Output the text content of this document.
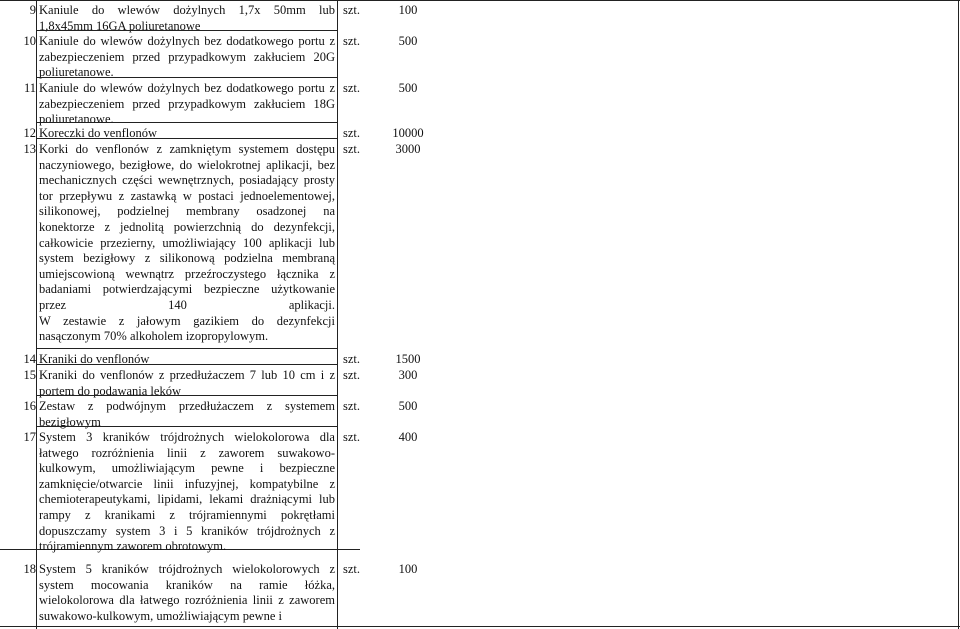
9 Kaniule do wlewów dożylnych 1,7x 50mm lub
1,8x45mm 16GA poliuretanowe
szt.	100
10 Kaniule do wlewów dożylnych bez dodatkowego portu z
zabezpieczeniem przed przypadkowym zakłuciem 20G
poliuretanowe.
szt.	500
11 Kaniule do wlewów dożylnych bez dodatkowego portu z
zabezpieczeniem przed przypadkowym zakłuciem 18G
poliuretanowe.
szt.	500
12 Koreczki do venflonów	szt.	10000
13 Korki do venflonów z zamkniętym systemem dostępu
naczyniowego, bezigłowe, do wielokrotnej aplikacji, bez
mechanicznych części wewnętrznych, posiadający prosty
tor przepływu z zastawką w postaci jednoelementowej,
silikonowej, podzielnej membrany osadzonej na
konektorze z jednolitą powierzchnią do dezynfekcji,
całkowicie przezierny, umożliwiający 100 aplikacji lub
system bezigłowy z silikonową podzielna membraną
umiejscowioną wewnątrz przeźroczystego łącznika z
badaniami potwierdzającymi bezpieczne użytkowanie
przez 140 aplikacji.
W zestawie z jałowym gazikiem do dezynfekcji
nasączonym 70% alkoholem izopropylowym.
szt.	3000
14 Kraniki do venflonów	szt.	1500
15 Kraniki do venflonów z przedłużaczem 7 lub 10 cm i z
portem do podawania leków
szt.	300
16 Zestaw z podwójnym przedłużaczem z systemem
bezigłowym
szt.	500
17 System 3 kraników trójdrożnych wielokolorowa dla
łatwego rozróżnienia linii z zaworem suwakowo-
kulkowym, umożliwiającym pewne i bezpieczne
zamknięcie/otwarcie linii infuzyjnej, kompatybilne z
chemioterapeutykami, lipidami, lekami drażniącymi lub
rampy z kranikami z trójramiennymi pokrętłami
dopuszczamy system 3 i 5 kraników trójdrożnych z
trójramiennym zaworem obrotowym.
szt.	400
18 System 5 kraników trójdrożnych wielokolorowych z
system mocowania kraników na ramie łóżka,
wielokolorowa dla łatwego rozróżnienia linii z zaworem
suwakowo-kulkowym, umożliwiającym pewne i
szt.	100
